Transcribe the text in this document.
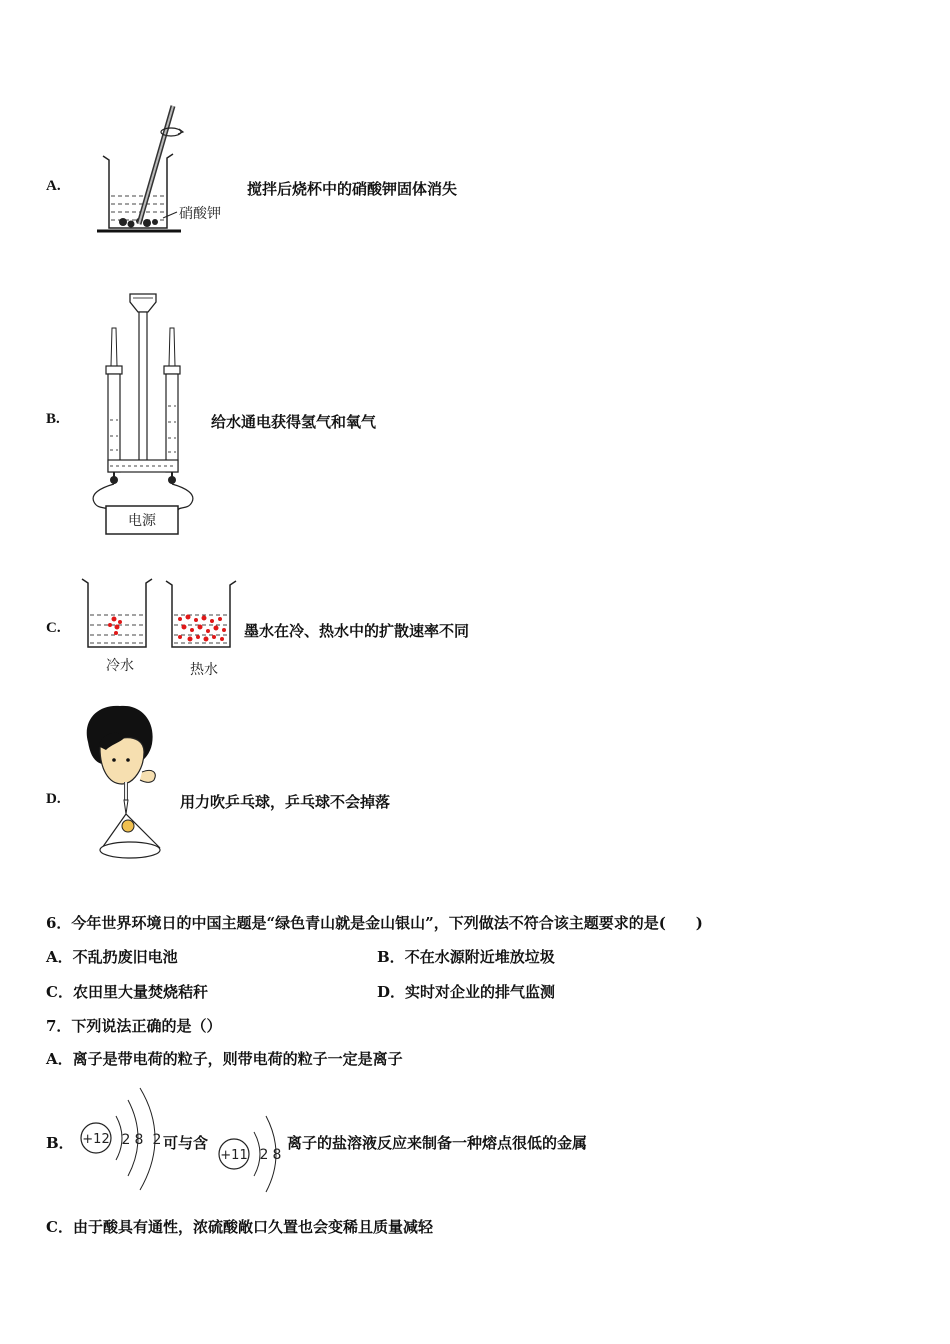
A.
硝酸钾
搅拌后烧杯中的硝酸钾固体消失
B.
电源
给水通电获得氢气和氧气
C.
冷水	热水
墨水在冷、热水中的扩散速率不同
D.	用力吹乒乓球，乒乓球不会掉落
6．今年世界环境日的中国主题是“绿色青山就是金山银山”，下列做法不符合该主题要求的是(　　)
A．不乱扔废旧电池	B．不在水源附近堆放垃圾
C．农田里大量焚烧秸秆	D．实时对企业的排气监测
7．下列说法正确的是（）
A．离子是带电荷的粒子，则带电荷的粒子一定是离子
B． +12 2 8 2
+11 2 8
可与含	离子的盐溶液反应来制备一种熔点很低的金属
C．由于酸具有通性，浓硫酸敞口久置也会变稀且质量减轻
